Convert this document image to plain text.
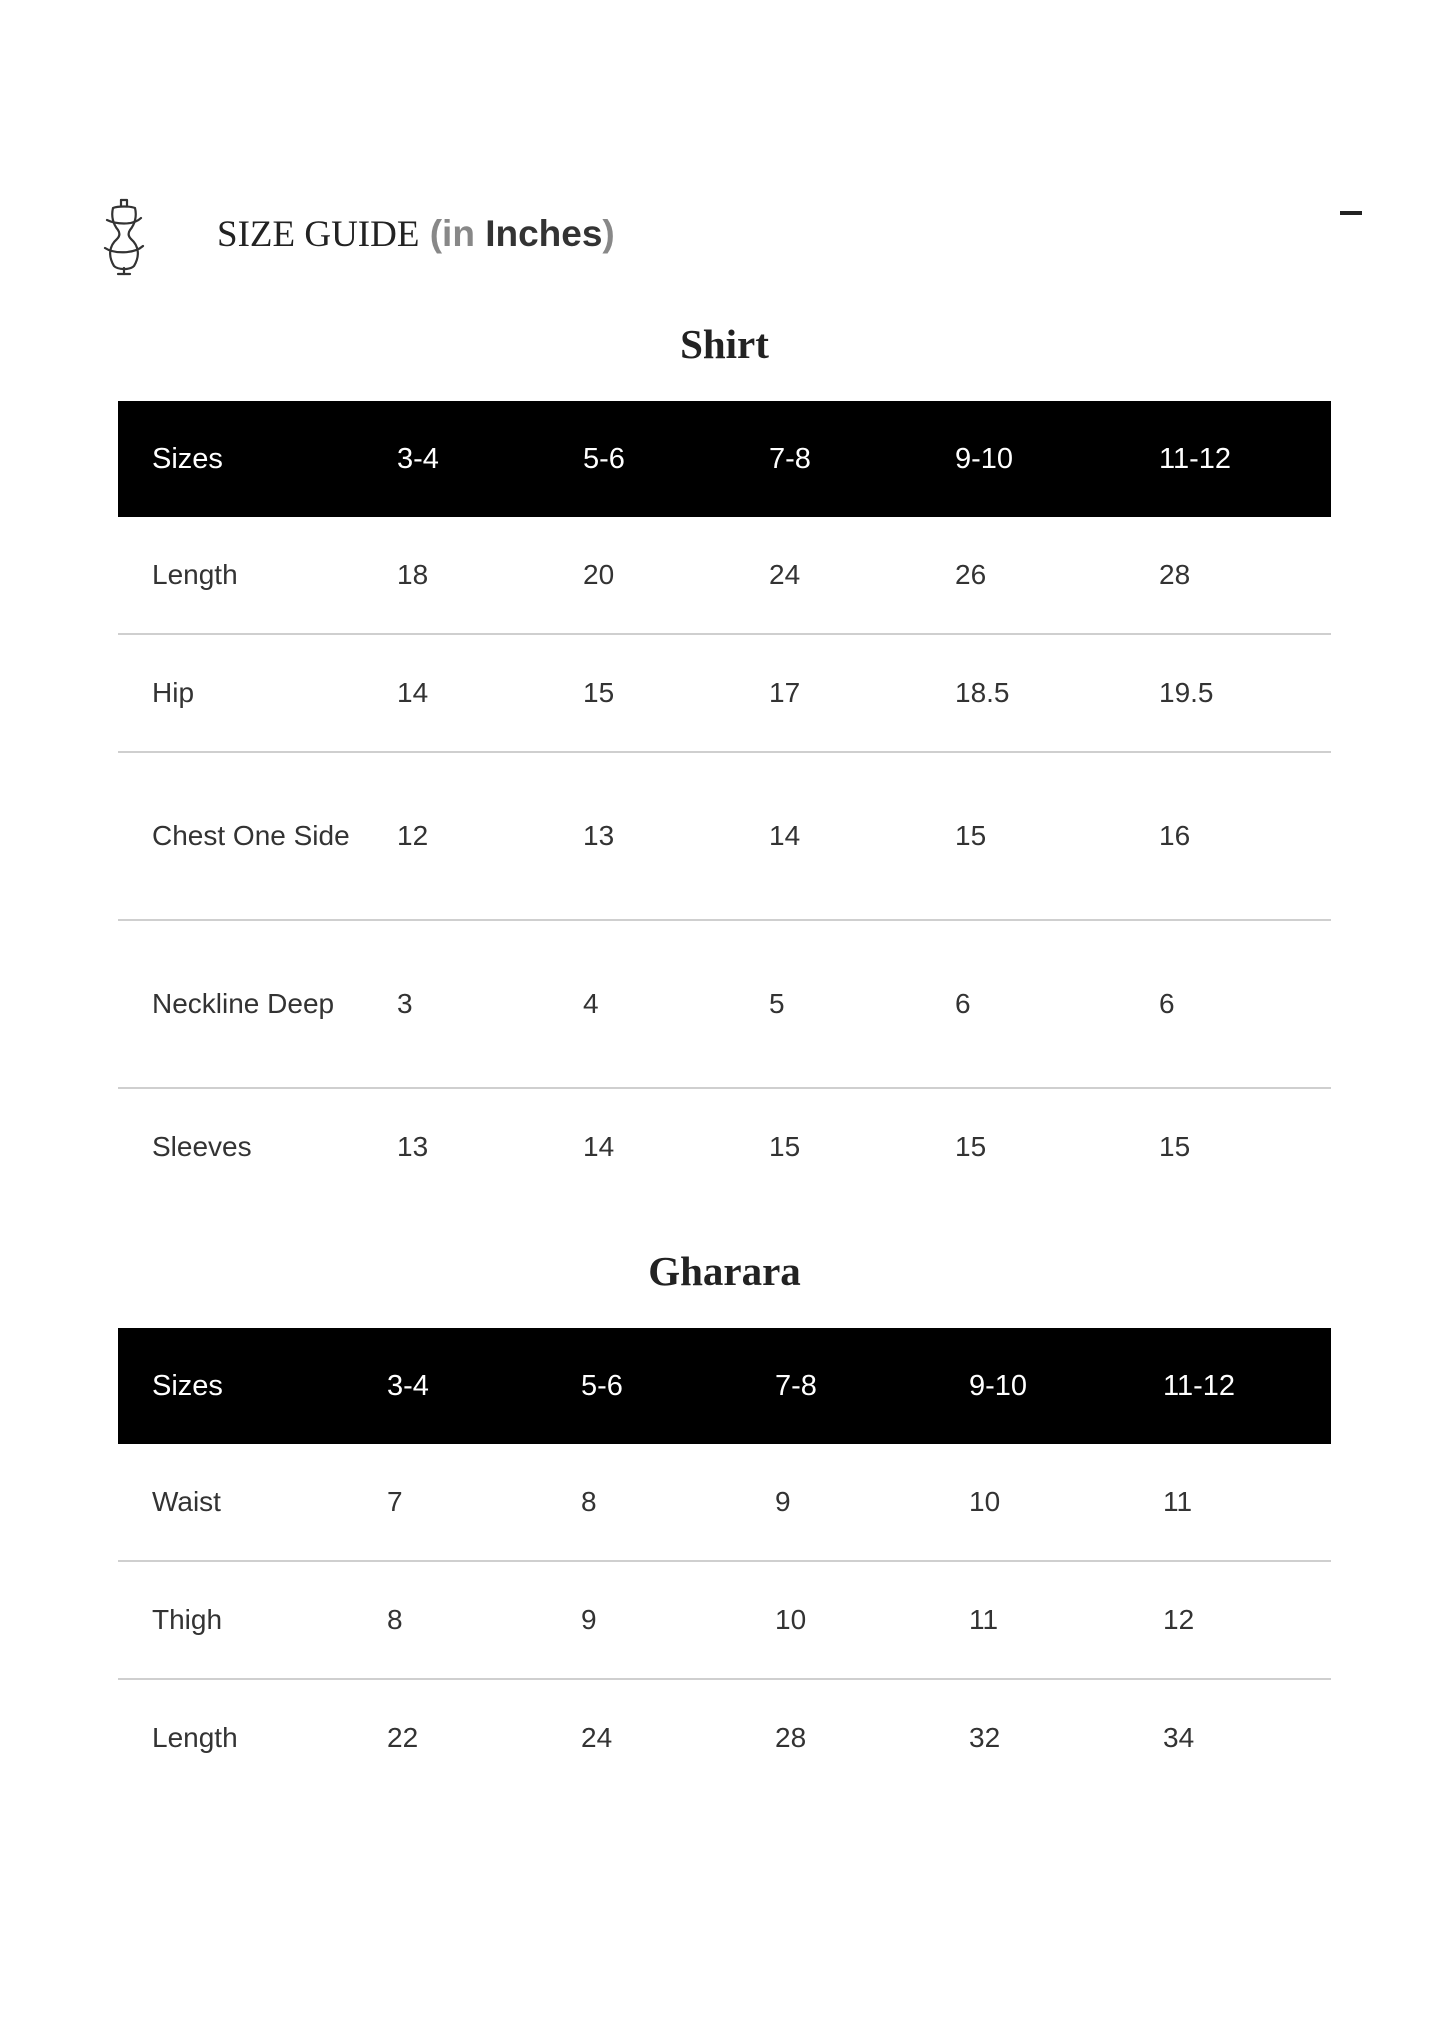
SIZE GUIDE (in Inches)
Shirt
Sizes	3-4	5-6	7-8	9-10	11-12
Length	18	20	24	26	28
Hip	14	15	17	18.5	19.5
Chest One Side	12	13	14	15	16
Neckline Deep	3	4	5	6	6
Sleeves	13	14	15	15	15
Gharara
Sizes	3-4	5-6	7-8	9-10	11-12
Waist	7	8	9	10	11
Thigh	8	9	10	11	12
Length	22	24	28	32	34
